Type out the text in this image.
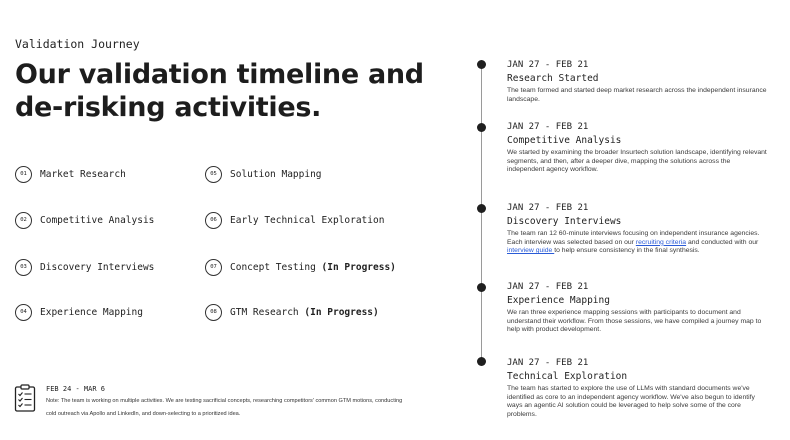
Validation Journey
Our validation timeline and de-risking activities.
01	Market Research
02	Competitive Analysis
03	Discovery Interviews
04	Experience Mapping
05	Solution Mapping
06	Early Technical Exploration
07	Concept Testing (In Progress)
08	GTM Research (In Progress)
FEB 24 - MAR 6
Note: The team is working on multiple activities. We are testing sacrificial concepts, researching competitors' common GTM motions, conducting cold outreach via Apollo and LinkedIn, and down-selecting to a prioritized idea.
JAN 27 - FEB 21
Research Started
The team formed and started deep market research across the independent insurance landscape.
JAN 27 - FEB 21
Competitive Analysis
We started by examining the broader Insurtech solution landscape, identifying relevant segments, and then, after a deeper dive, mapping the solutions across the independent agency workflow.
JAN 27 - FEB 21
Discovery Interviews
The team ran 12 60-minute interviews focusing on independent insurance agencies. Each interview was selected based on our recruiting criteria and conducted with our interview guide to help ensure consistency in the final synthesis.
JAN 27 - FEB 21
Experience Mapping
We ran three experience mapping sessions with participants to document and understand their workflow. From those sessions, we have compiled a journey map to help with product development.
JAN 27 - FEB 21
Technical Exploration
The team has started to explore the use of LLMs with standard documents we've identified as core to an independent agency workflow. We've also begun to identify ways an agentic AI solution could be leveraged to help solve some of the core problems.
